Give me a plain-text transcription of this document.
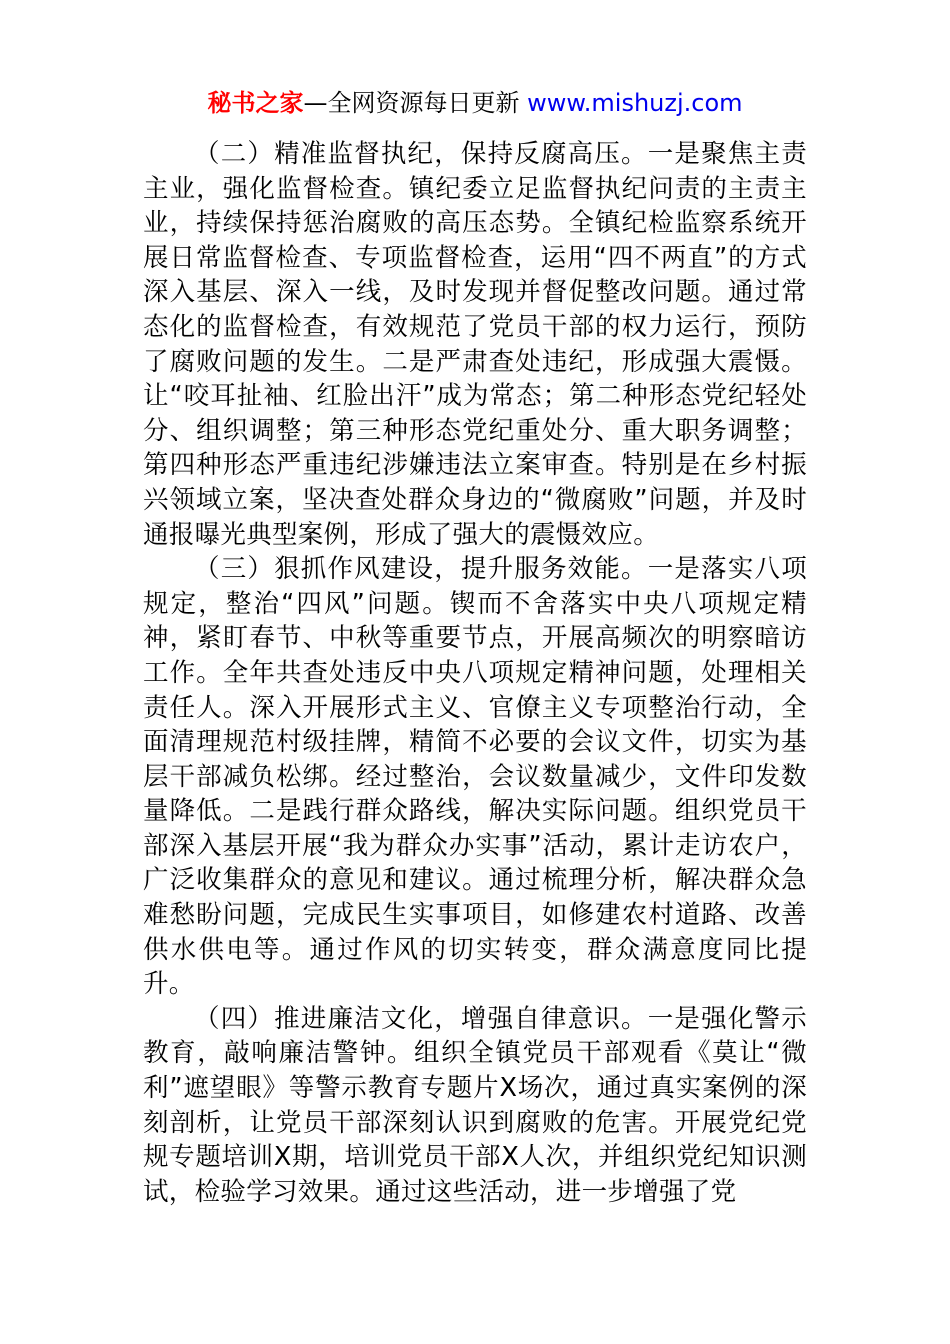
秘书之家—全网资源每日更新 www.mishuzj.com

（二）精准监督执纪，保持反腐高压。一是聚焦主责主业，强化监督检查。镇纪委立足监督执纪问责的主责主业，持续保持惩治腐败的高压态势。全镇纪检监察系统开展日常监督检查、专项监督检查，运用“四不两直”的方式深入基层、深入一线，及时发现并督促整改问题。通过常态化的监督检查，有效规范了党员干部的权力运行，预防了腐败问题的发生。二是严肃查处违纪，形成强大震慑。让“咬耳扯袖、红脸出汗”成为常态；第二种形态党纪轻处分、组织调整；第三种形态党纪重处分、重大职务调整；第四种形态严重违纪涉嫌违法立案审查。特别是在乡村振兴领域立案，坚决查处群众身边的“微腐败”问题，并及时通报曝光典型案例，形成了强大的震慑效应。

（三）狠抓作风建设，提升服务效能。一是落实八项规定，整治“四风”问题。锲而不舍落实中央八项规定精神，紧盯春节、中秋等重要节点，开展高频次的明察暗访工作。全年共查处违反中央八项规定精神问题，处理相关责任人。深入开展形式主义、官僚主义专项整治行动，全面清理规范村级挂牌，精简不必要的会议文件，切实为基层干部减负松绑。经过整治，会议数量减少，文件印发数量降低。二是践行群众路线，解决实际问题。组织党员干部深入基层开展“我为群众办实事”活动，累计走访农户，广泛收集群众的意见和建议。通过梳理分析，解决群众急难愁盼问题，完成民生实事项目，如修建农村道路、改善供水供电等。通过作风的切实转变，群众满意度同比提升。

（四）推进廉洁文化，增强自律意识。一是强化警示教育，敲响廉洁警钟。组织全镇党员干部观看《莫让“微利”遮望眼》等警示教育专题片X场次，通过真实案例的深刻剖析，让党员干部深刻认识到腐败的危害。开展党纪党规专题培训X期，培训党员干部X人次，并组织党纪知识测试，检验学习效果。通过这些活动，进一步增强了党
